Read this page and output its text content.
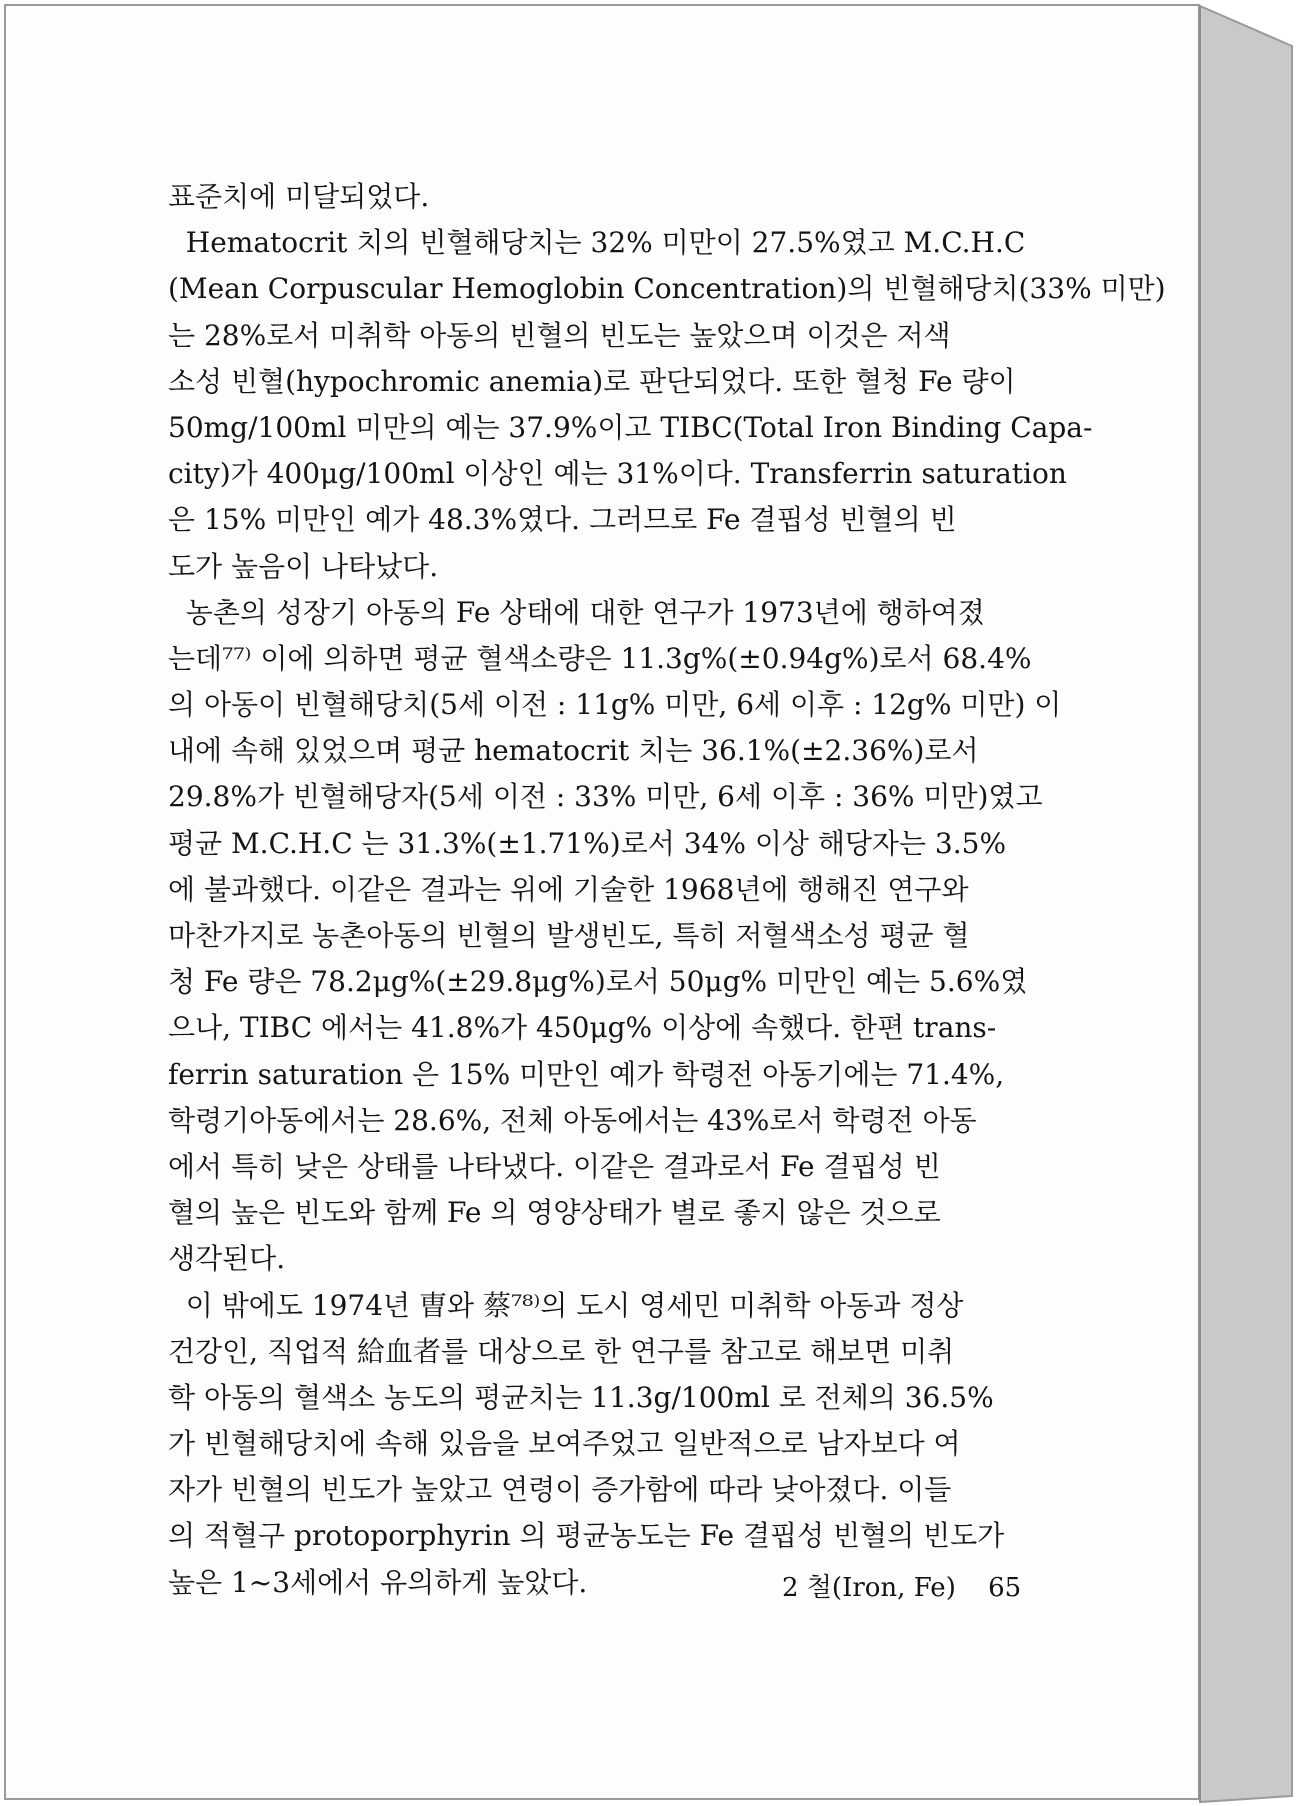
표준치에 미달되었다.
Hematocrit 치의 빈혈해당치는 32% 미만이 27.5%였고 M.C.H.C
(Mean Corpuscular Hemoglobin Concentration)의 빈혈해당치(33% 미만)
는 28%로서 미취학 아동의 빈혈의 빈도는 높았으며 이것은 저색
소성 빈혈(hypochromic anemia)로 판단되었다. 또한 혈청 Fe 량이
50mg/100ml 미만의 예는 37.9%이고 TIBC(Total Iron Binding Capa-
city)가 400μg/100ml 이상인 예는 31%이다. Transferrin saturation
은 15% 미만인 예가 48.3%였다. 그러므로 Fe 결핍성 빈혈의 빈
도가 높음이 나타났다.
농촌의 성장기 아동의 Fe 상태에 대한 연구가 1973년에 행하여졌
는데⁷⁷⁾ 이에 의하면 평균 혈색소량은 11.3g%(±0.94g%)로서 68.4%
의 아동이 빈혈해당치(5세 이전 : 11g% 미만, 6세 이후 : 12g% 미만) 이
내에 속해 있었으며 평균 hematocrit 치는 36.1%(±2.36%)로서
29.8%가 빈혈해당자(5세 이전 : 33% 미만, 6세 이후 : 36% 미만)였고
평균 M.C.H.C 는 31.3%(±1.71%)로서 34% 이상 해당자는 3.5%
에 불과했다. 이같은 결과는 위에 기술한 1968년에 행해진 연구와
마찬가지로 농촌아동의 빈혈의 발생빈도, 특히 저혈색소성 평균 혈
청 Fe 량은 78.2μg%(±29.8μg%)로서 50μg% 미만인 예는 5.6%였
으나, TIBC 에서는 41.8%가 450μg% 이상에 속했다. 한편 trans-
ferrin saturation 은 15% 미만인 예가 학령전 아동기에는 71.4%,
학령기아동에서는 28.6%, 전체 아동에서는 43%로서 학령전 아동
에서 특히 낮은 상태를 나타냈다. 이같은 결과로서 Fe 결핍성 빈
혈의 높은 빈도와 함께 Fe 의 영양상태가 별로 좋지 않은 것으로
생각된다.
이 밖에도 1974년 曺와 蔡⁷⁸⁾의 도시 영세민 미취학 아동과 정상
건강인, 직업적 給血者를 대상으로 한 연구를 참고로 해보면 미취
학 아동의 혈색소 농도의 평균치는 11.3g/100ml 로 전체의 36.5%
가 빈혈해당치에 속해 있음을 보여주었고 일반적으로 남자보다 여
자가 빈혈의 빈도가 높았고 연령이 증가함에 따라 낮아졌다. 이들
의 적혈구 protoporphyrin 의 평균농도는 Fe 결핍성 빈혈의 빈도가
높은 1~3세에서 유의하게 높았다.	2 철(Iron, Fe) 65
